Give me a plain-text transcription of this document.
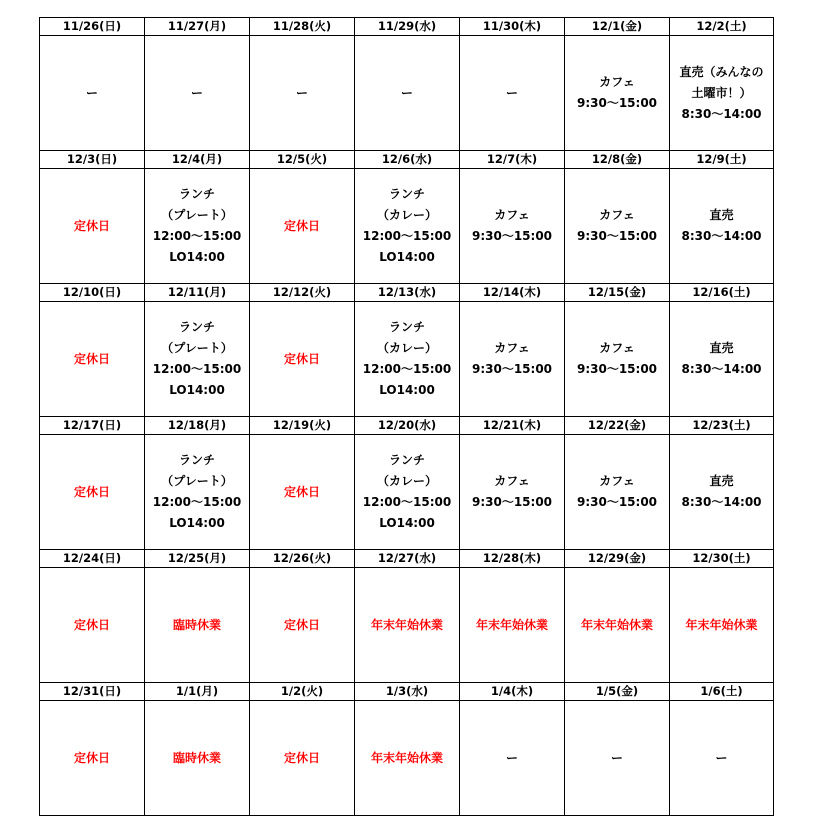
11/26(日)	11/27(月)	11/28(火)	11/29(水)	11/30(木)	12/1(金)	12/2(土)

ー	ー	ー	ー	ー	カフェ
9:30〜15:00	直売（みんなの
土曜市！）
8:30〜14:00

12/3(日)	12/4(月)	12/5(火)	12/6(水)	12/7(木)	12/8(金)	12/9(土)

定休日	ランチ
（プレート）
12:00〜15:00
LO14:00	定休日	ランチ
（カレー）
12:00〜15:00
LO14:00	カフェ
9:30〜15:00	カフェ
9:30〜15:00	直売
8:30〜14:00

12/10(日)	12/11(月)	12/12(火)	12/13(水)	12/14(木)	12/15(金)	12/16(土)

定休日	ランチ
（プレート）
12:00〜15:00
LO14:00	定休日	ランチ
（カレー）
12:00〜15:00
LO14:00	カフェ
9:30〜15:00	カフェ
9:30〜15:00	直売
8:30〜14:00

12/17(日)	12/18(月)	12/19(火)	12/20(水)	12/21(木)	12/22(金)	12/23(土)

定休日	ランチ
（プレート）
12:00〜15:00
LO14:00	定休日	ランチ
（カレー）
12:00〜15:00
LO14:00	カフェ
9:30〜15:00	カフェ
9:30〜15:00	直売
8:30〜14:00

12/24(日)	12/25(月)	12/26(火)	12/27(水)	12/28(木)	12/29(金)	12/30(土)

定休日	臨時休業	定休日	年末年始休業	年末年始休業	年末年始休業	年末年始休業

12/31(日)	1/1(月)	1/2(火)	1/3(水)	1/4(木)	1/5(金)	1/6(土)

定休日	臨時休業	定休日	年末年始休業	ー	ー	ー
